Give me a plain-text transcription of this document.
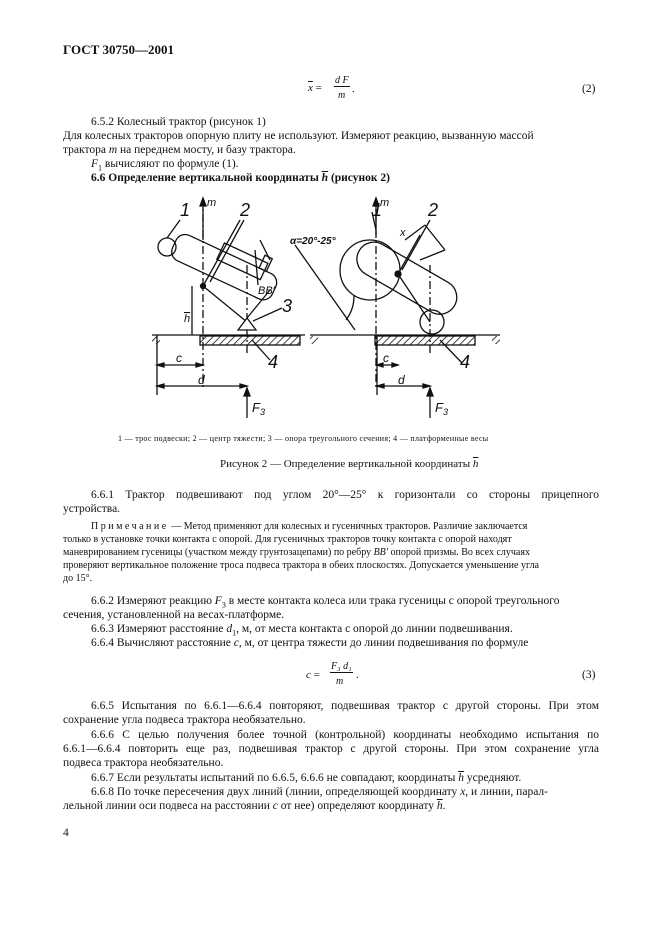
ГОСТ 30750—2001
$\overline{x}$ =
d F
m
.	(2)
6.5.2 Колесный трактор (рисунок 1)
Для колесных тракторов опорную плиту не используют. Измеряют реакцию, вызванную массой
трактора m на переднем мосту, и базу трактора.
$F_1$ вычисляют по формуле (1).
6.6 Определение вертикальной координаты $\overline{h}$ (рисунок 2)
1	2
3
4
m
h
c
d
$F_3$
BB′
1	2
4
m
α=20°-25°
x
c
d
$F_3$
1 — трос подвески; 2 — центр тяжести; 3 — опора треугольного сечения; 4 — платформенные весы
Рисунок 2 — Определение вертикальной координаты $\overline{h}$
6.6.1 Трактор подвешивают под углом 20°—25° к горизонтали со стороны прицепного
устройства.
Примечание — Метод применяют для колесных и гусеничных тракторов. Различие заключается
только в установке точки контакта с опорой. Для гусеничных тракторов точку контакта с опорой находят
маневрированием гусеницы (участком между грунтозацепами) по ребру BB′ опорой призмы. Во всех случаях
проверяют вертикальное положение троса подвеса трактора в обеих плоскостях. Допускается уменьшение угла
до 15°.
6.6.2 Измеряют реакцию $F_3$ в месте контакта колеса или трака гусеницы с опорой треугольного
сечения, установленной на весах-платформе.
6.6.3 Измеряют расстояние $d_1$, м, от места контакта с опорой до линии подвешивания.
6.6.4 Вычисляют расстояние c, м, от центра тяжести до линии подвешивания по формуле
c =
F₃ d₁
m
.	(3)
6.6.5 Испытания по 6.6.1—6.6.4 повторяют, подвешивая трактор с другой стороны. При этом
сохранение угла подвеса трактора необязательно.
6.6.6 С целью получения более точной (контрольной) координаты необходимо испытания по
6.6.1—6.6.4 повторить еще раз, подвешивая трактор с другой стороны. При этом сохранение угла
подвеса трактора необязательно.
6.6.7 Если результаты испытаний по 6.6.5, 6.6.6 не совпадают, координаты $\overline{h}$ усредняют.
6.6.8 По точке пересечения двух линий (линии, определяющей координату x, и линии, парал-
лельной линии оси подвеса на расстоянии c от нее) определяют координату $\overline{h}$.
4
